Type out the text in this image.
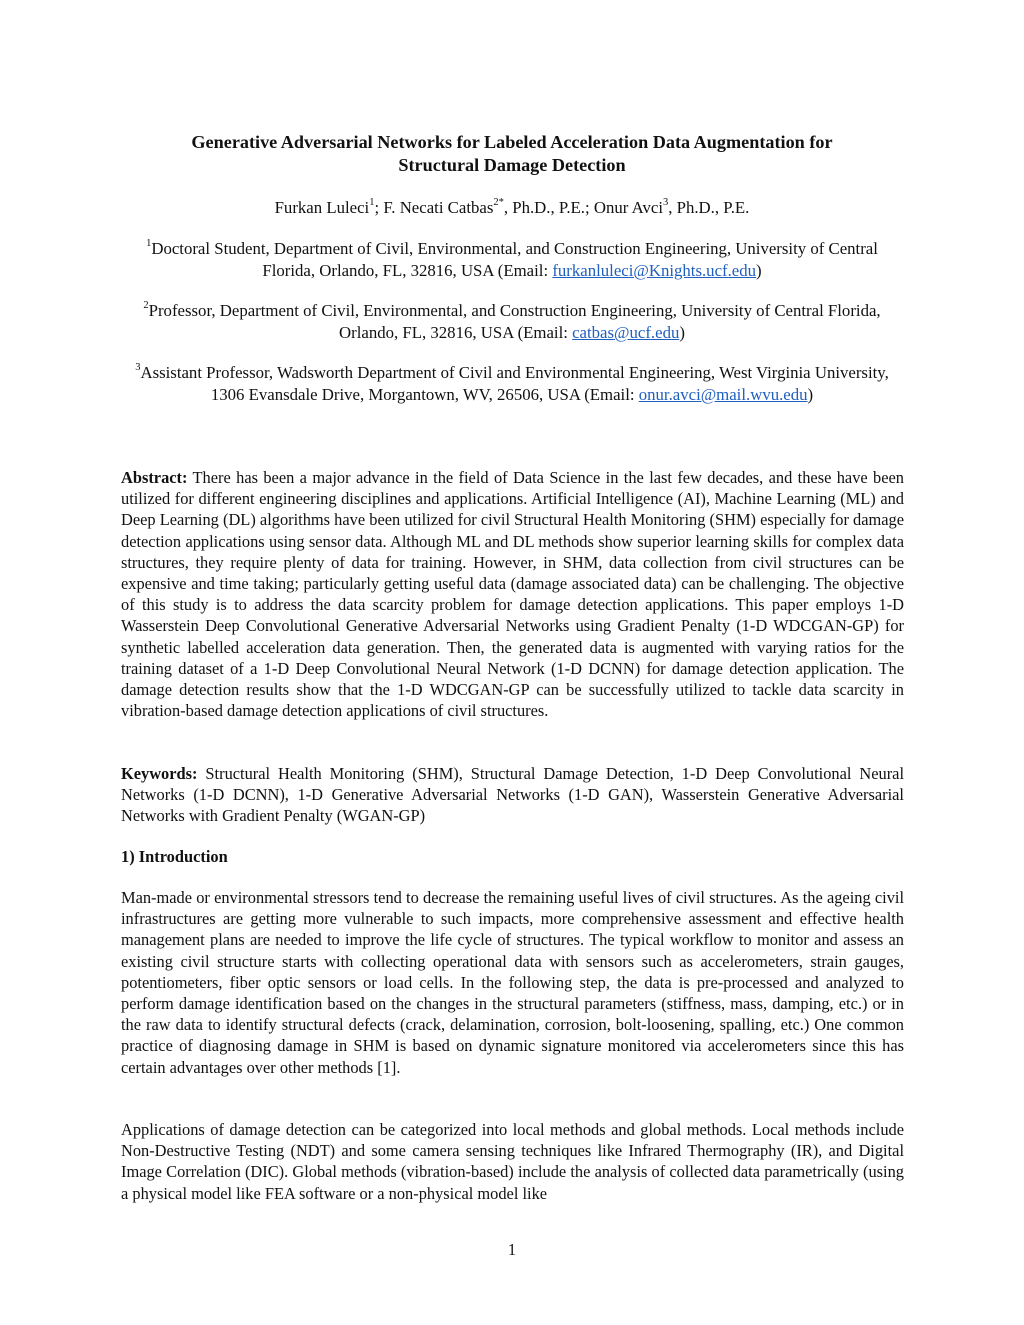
Generative Adversarial Networks for Labeled Acceleration Data Augmentation for
Structural Damage Detection
Furkan Luleci$^1$; F. Necati Catbas$^{2*}$, Ph.D., P.E.; Onur Avci$^3$, Ph.D., P.E.
$^1$Doctoral Student, Department of Civil, Environmental, and Construction Engineering, University of Central Florida, Orlando, FL, 32816, USA (Email: furkanluleci@Knights.ucf.edu)
$^2$Professor, Department of Civil, Environmental, and Construction Engineering, University of Central Florida, Orlando, FL, 32816, USA (Email: catbas@ucf.edu)
$^3$Assistant Professor, Wadsworth Department of Civil and Environmental Engineering, West Virginia University, 1306 Evansdale Drive, Morgantown, WV, 26506, USA (Email: onur.avci@mail.wvu.edu)
Abstract: There has been a major advance in the field of Data Science in the last few decades, and these have been utilized for different engineering disciplines and applications. Artificial Intelligence (AI), Machine Learning (ML) and Deep Learning (DL) algorithms have been utilized for civil Structural Health Monitoring (SHM) especially for damage detection applications using sensor data. Although ML and DL methods show superior learning skills for complex data structures, they require plenty of data for training. However, in SHM, data collection from civil structures can be expensive and time taking; particularly getting useful data (damage associated data) can be challenging. The objective of this study is to address the data scarcity problem for damage detection applications. This paper employs 1-D Wasserstein Deep Convolutional Generative Adversarial Networks using Gradient Penalty (1-D WDCGAN-GP) for synthetic labelled acceleration data generation. Then, the generated data is augmented with varying ratios for the training dataset of a 1-D Deep Convolutional Neural Network (1-D DCNN) for damage detection application. The damage detection results show that the 1-D WDCGAN-GP can be successfully utilized to tackle data scarcity in vibration-based damage detection applications of civil structures.
Keywords: Structural Health Monitoring (SHM), Structural Damage Detection, 1-D Deep Convolutional Neural Networks (1-D DCNN), 1-D Generative Adversarial Networks (1-D GAN), Wasserstein Generative Adversarial Networks with Gradient Penalty (WGAN-GP)
1) Introduction
Man-made or environmental stressors tend to decrease the remaining useful lives of civil structures. As the ageing civil infrastructures are getting more vulnerable to such impacts, more comprehensive assessment and effective health management plans are needed to improve the life cycle of structures. The typical workflow to monitor and assess an existing civil structure starts with collecting operational data with sensors such as accelerometers, strain gauges, potentiometers, fiber optic sensors or load cells. In the following step, the data is pre-processed and analyzed to perform damage identification based on the changes in the structural parameters (stiffness, mass, damping, etc.) or in the raw data to identify structural defects (crack, delamination, corrosion, bolt-loosening, spalling, etc.) One common practice of diagnosing damage in SHM is based on dynamic signature monitored via accelerometers since this has certain advantages over other methods [1].
Applications of damage detection can be categorized into local methods and global methods. Local methods include Non-Destructive Testing (NDT) and some camera sensing techniques like Infrared Thermography (IR), and Digital Image Correlation (DIC). Global methods (vibration-based) include the analysis of collected data parametrically (using a physical model like FEA software or a non-physical model like
1
